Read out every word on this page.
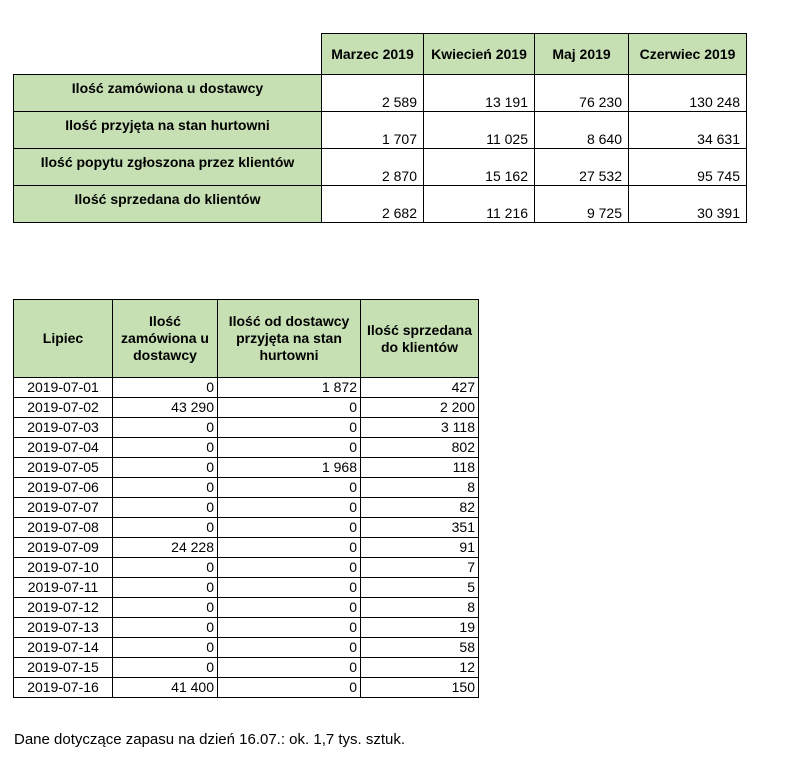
	Marzec 2019	Kwiecień 2019	Maj 2019	Czerwiec 2019
Ilość zamówiona u dostawcy	2 589	13 191	76 230	130 248
Ilość przyjęta na stan hurtowni	1 707	11 025	8 640	34 631
Ilość popytu zgłoszona przez klientów	2 870	15 162	27 532	95 745
Ilość sprzedana do klientów	2 682	11 216	9 725	30 391
Lipiec	Ilość zamówiona u dostawcy	Ilość od dostawcy przyjęta na stan hurtowni	Ilość sprzedana do klientów
2019-07-01	0	1 872	427
2019-07-02	43 290	0	2 200
2019-07-03	0	0	3 118
2019-07-04	0	0	802
2019-07-05	0	1 968	118
2019-07-06	0	0	8
2019-07-07	0	0	82
2019-07-08	0	0	351
2019-07-09	24 228	0	91
2019-07-10	0	0	7
2019-07-11	0	0	5
2019-07-12	0	0	8
2019-07-13	0	0	19
2019-07-14	0	0	58
2019-07-15	0	0	12
2019-07-16	41 400	0	150
Dane dotyczące zapasu na dzień 16.07.: ok. 1,7 tys. sztuk.
